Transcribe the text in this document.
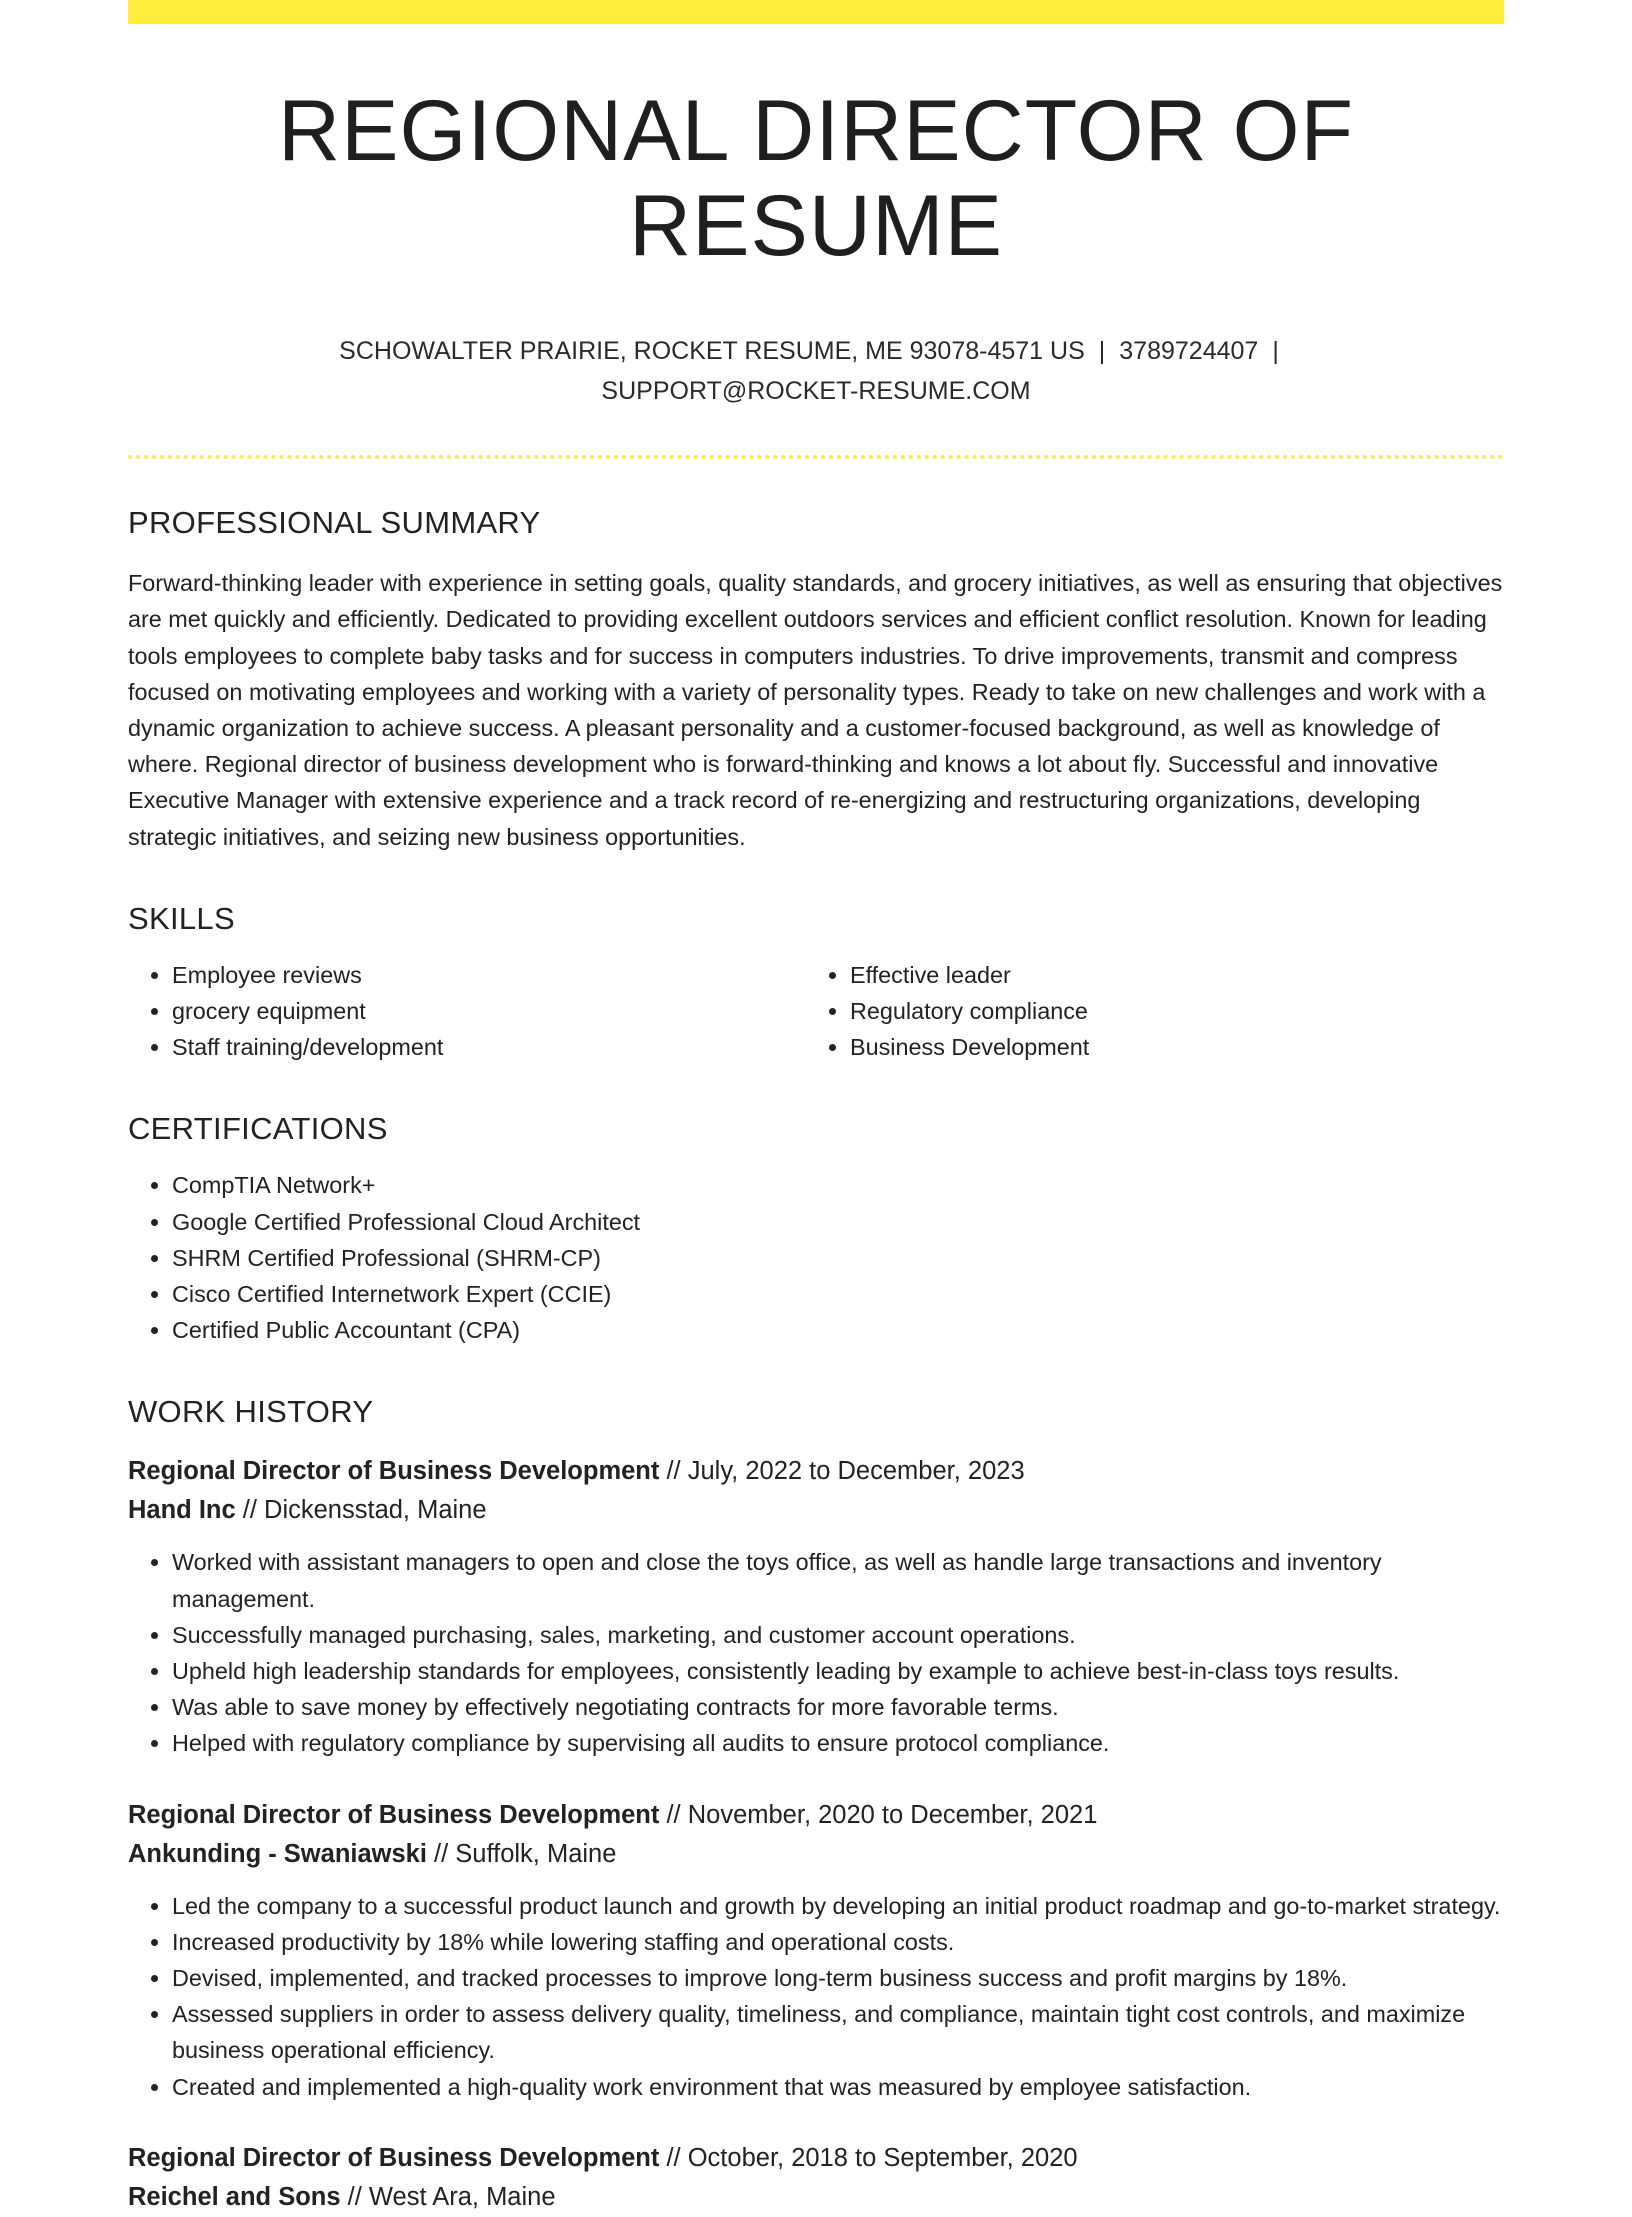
REGIONAL DIRECTOR OF RESUME
SCHOWALTER PRAIRIE, ROCKET RESUME, ME 93078-4571 US | 3789724407 |
SUPPORT@ROCKET-RESUME.COM
PROFESSIONAL SUMMARY

Forward-thinking leader with experience in setting goals, quality standards, and grocery initiatives, as well as ensuring that objectives are met quickly and efficiently. Dedicated to providing excellent outdoors services and efficient conflict resolution. Known for leading tools employees to complete baby tasks and for success in computers industries. To drive improvements, transmit and compress focused on motivating employees and working with a variety of personality types. Ready to take on new challenges and work with a dynamic organization to achieve success. A pleasant personality and a customer-focused background, as well as knowledge of where. Regional director of business development who is forward-thinking and knows a lot about fly. Successful and innovative Executive Manager with extensive experience and a track record of re-energizing and restructuring organizations, developing strategic initiatives, and seizing new business opportunities.

SKILLS
• Employee reviews
• grocery equipment
• Staff training/development
• Effective leader
• Regulatory compliance
• Business Development
CERTIFICATIONS
• CompTIA Network+
• Google Certified Professional Cloud Architect
• SHRM Certified Professional (SHRM-CP)
• Cisco Certified Internetwork Expert (CCIE)
• Certified Public Accountant (CPA)
WORK HISTORY
Regional Director of Business Development // July, 2022 to December, 2023
Hand Inc // Dickensstad, Maine
• Worked with assistant managers to open and close the toys office, as well as handle large transactions and inventory management.
• Successfully managed purchasing, sales, marketing, and customer account operations.
• Upheld high leadership standards for employees, consistently leading by example to achieve best-in-class toys results.
• Was able to save money by effectively negotiating contracts for more favorable terms.
• Helped with regulatory compliance by supervising all audits to ensure protocol compliance.
Regional Director of Business Development // November, 2020 to December, 2021
Ankunding - Swaniawski // Suffolk, Maine
• Led the company to a successful product launch and growth by developing an initial product roadmap and go-to-market strategy.
• Increased productivity by 18% while lowering staffing and operational costs.
• Devised, implemented, and tracked processes to improve long-term business success and profit margins by 18%.
• Assessed suppliers in order to assess delivery quality, timeliness, and compliance, maintain tight cost controls, and maximize business operational efficiency.
• Created and implemented a high-quality work environment that was measured by employee satisfaction.
Regional Director of Business Development // October, 2018 to September, 2020
Reichel and Sons // West Ara, Maine
